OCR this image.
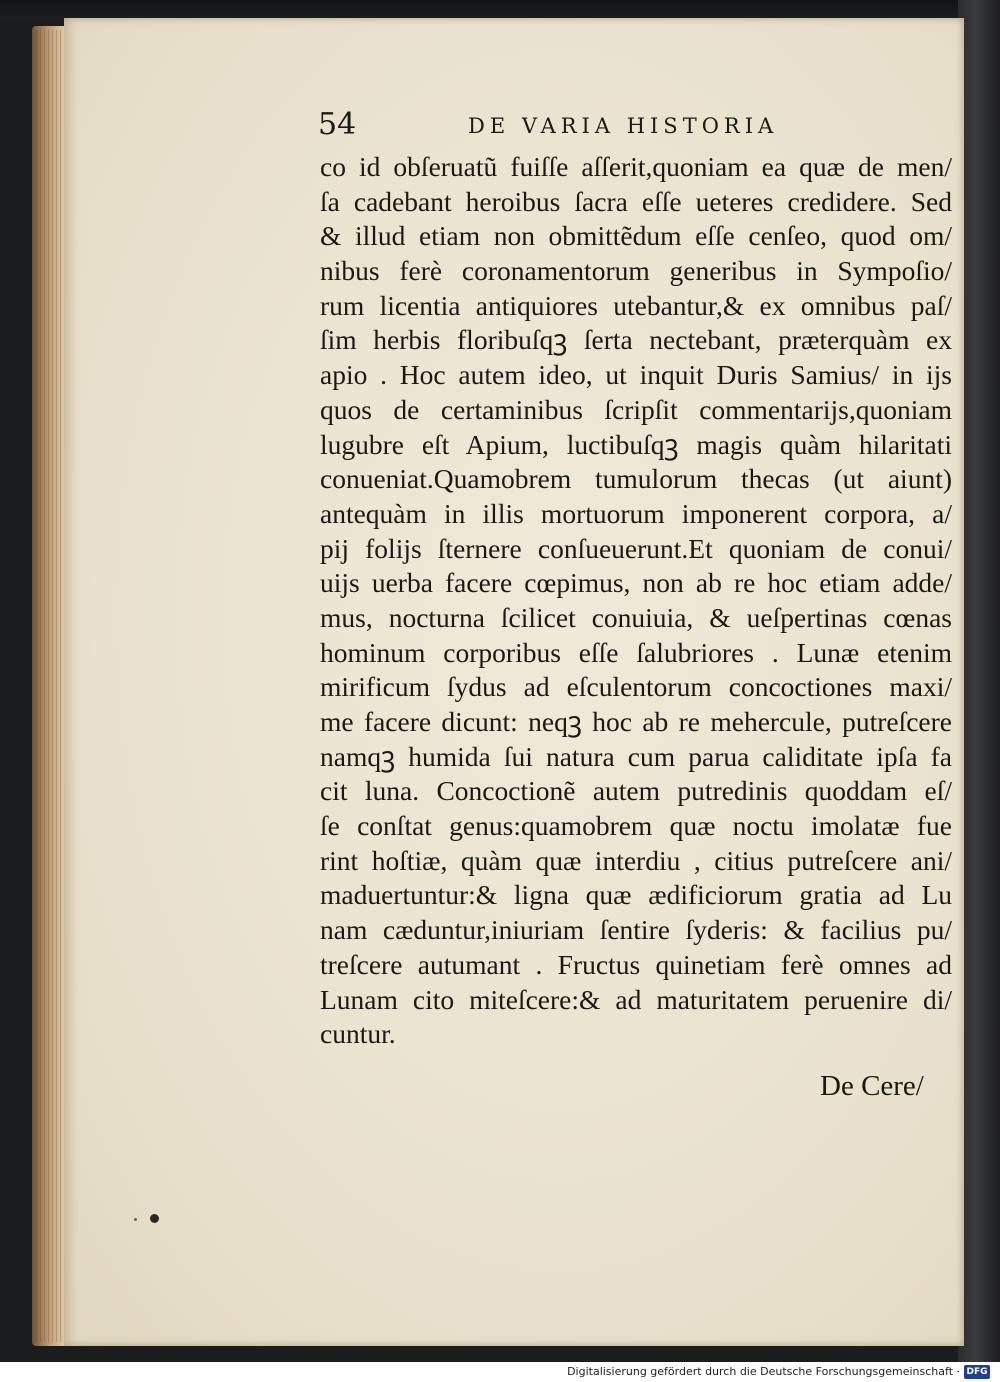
54	DE VARIA HISTORIA
co id obſeruatũ fuiſſe aſſerit,quoniam ea quæ de men/
ſa cadebant heroibus ſacra eſſe ueteres credidere. Sed
& illud etiam non obmittẽdum eſſe cenſeo, quod om/
nibus ferè coronamentorum generibus in Sympoſio/
rum licentia antiquiores utebantur,& ex omnibus paſ/
ſim herbis floribuſqꝫ ſerta nectebant, præterquàm ex
apio . Hoc autem ideo, ut inquit Duris Samius/ in ijs
quos de certaminibus ſcripſit commentarijs,quoniam
lugubre eſt Apium, luctibuſqꝫ magis quàm hilaritati
conueniat.Quamobrem tumulorum thecas (ut aiunt)
antequàm in illis mortuorum imponerent corpora, a/
pij folijs ſternere conſueuerunt.Et quoniam de conui/
uijs uerba facere cœpimus, non ab re hoc etiam adde/
mus, nocturna ſcilicet conuiuia, & ueſpertinas cœnas
hominum corporibus eſſe ſalubriores . Lunæ etenim
mirificum ſydus ad eſculentorum concoctiones maxi/
me facere dicunt: neqꝫ hoc ab re mehercule, putreſcere
namqꝫ humida ſui natura cum parua caliditate ipſa fa
cit luna. Concoctionẽ autem putredinis quoddam eſ/
ſe conſtat genus:quamobrem quæ noctu imolatæ fue
rint hoſtiæ, quàm quæ interdiu , citius putreſcere ani/
maduertuntur:& ligna quæ ædificiorum gratia ad Lu
nam cæduntur,iniuriam ſentire ſyderis: & facilius pu/
treſcere autumant . Fructus quinetiam ferè omnes ad
Lunam cito miteſcere:& ad maturitatem peruenire di/
cuntur.
De Cere/
Digitalisierung gefördert durch die Deutsche Forschungsgemeinschaft · DFG
